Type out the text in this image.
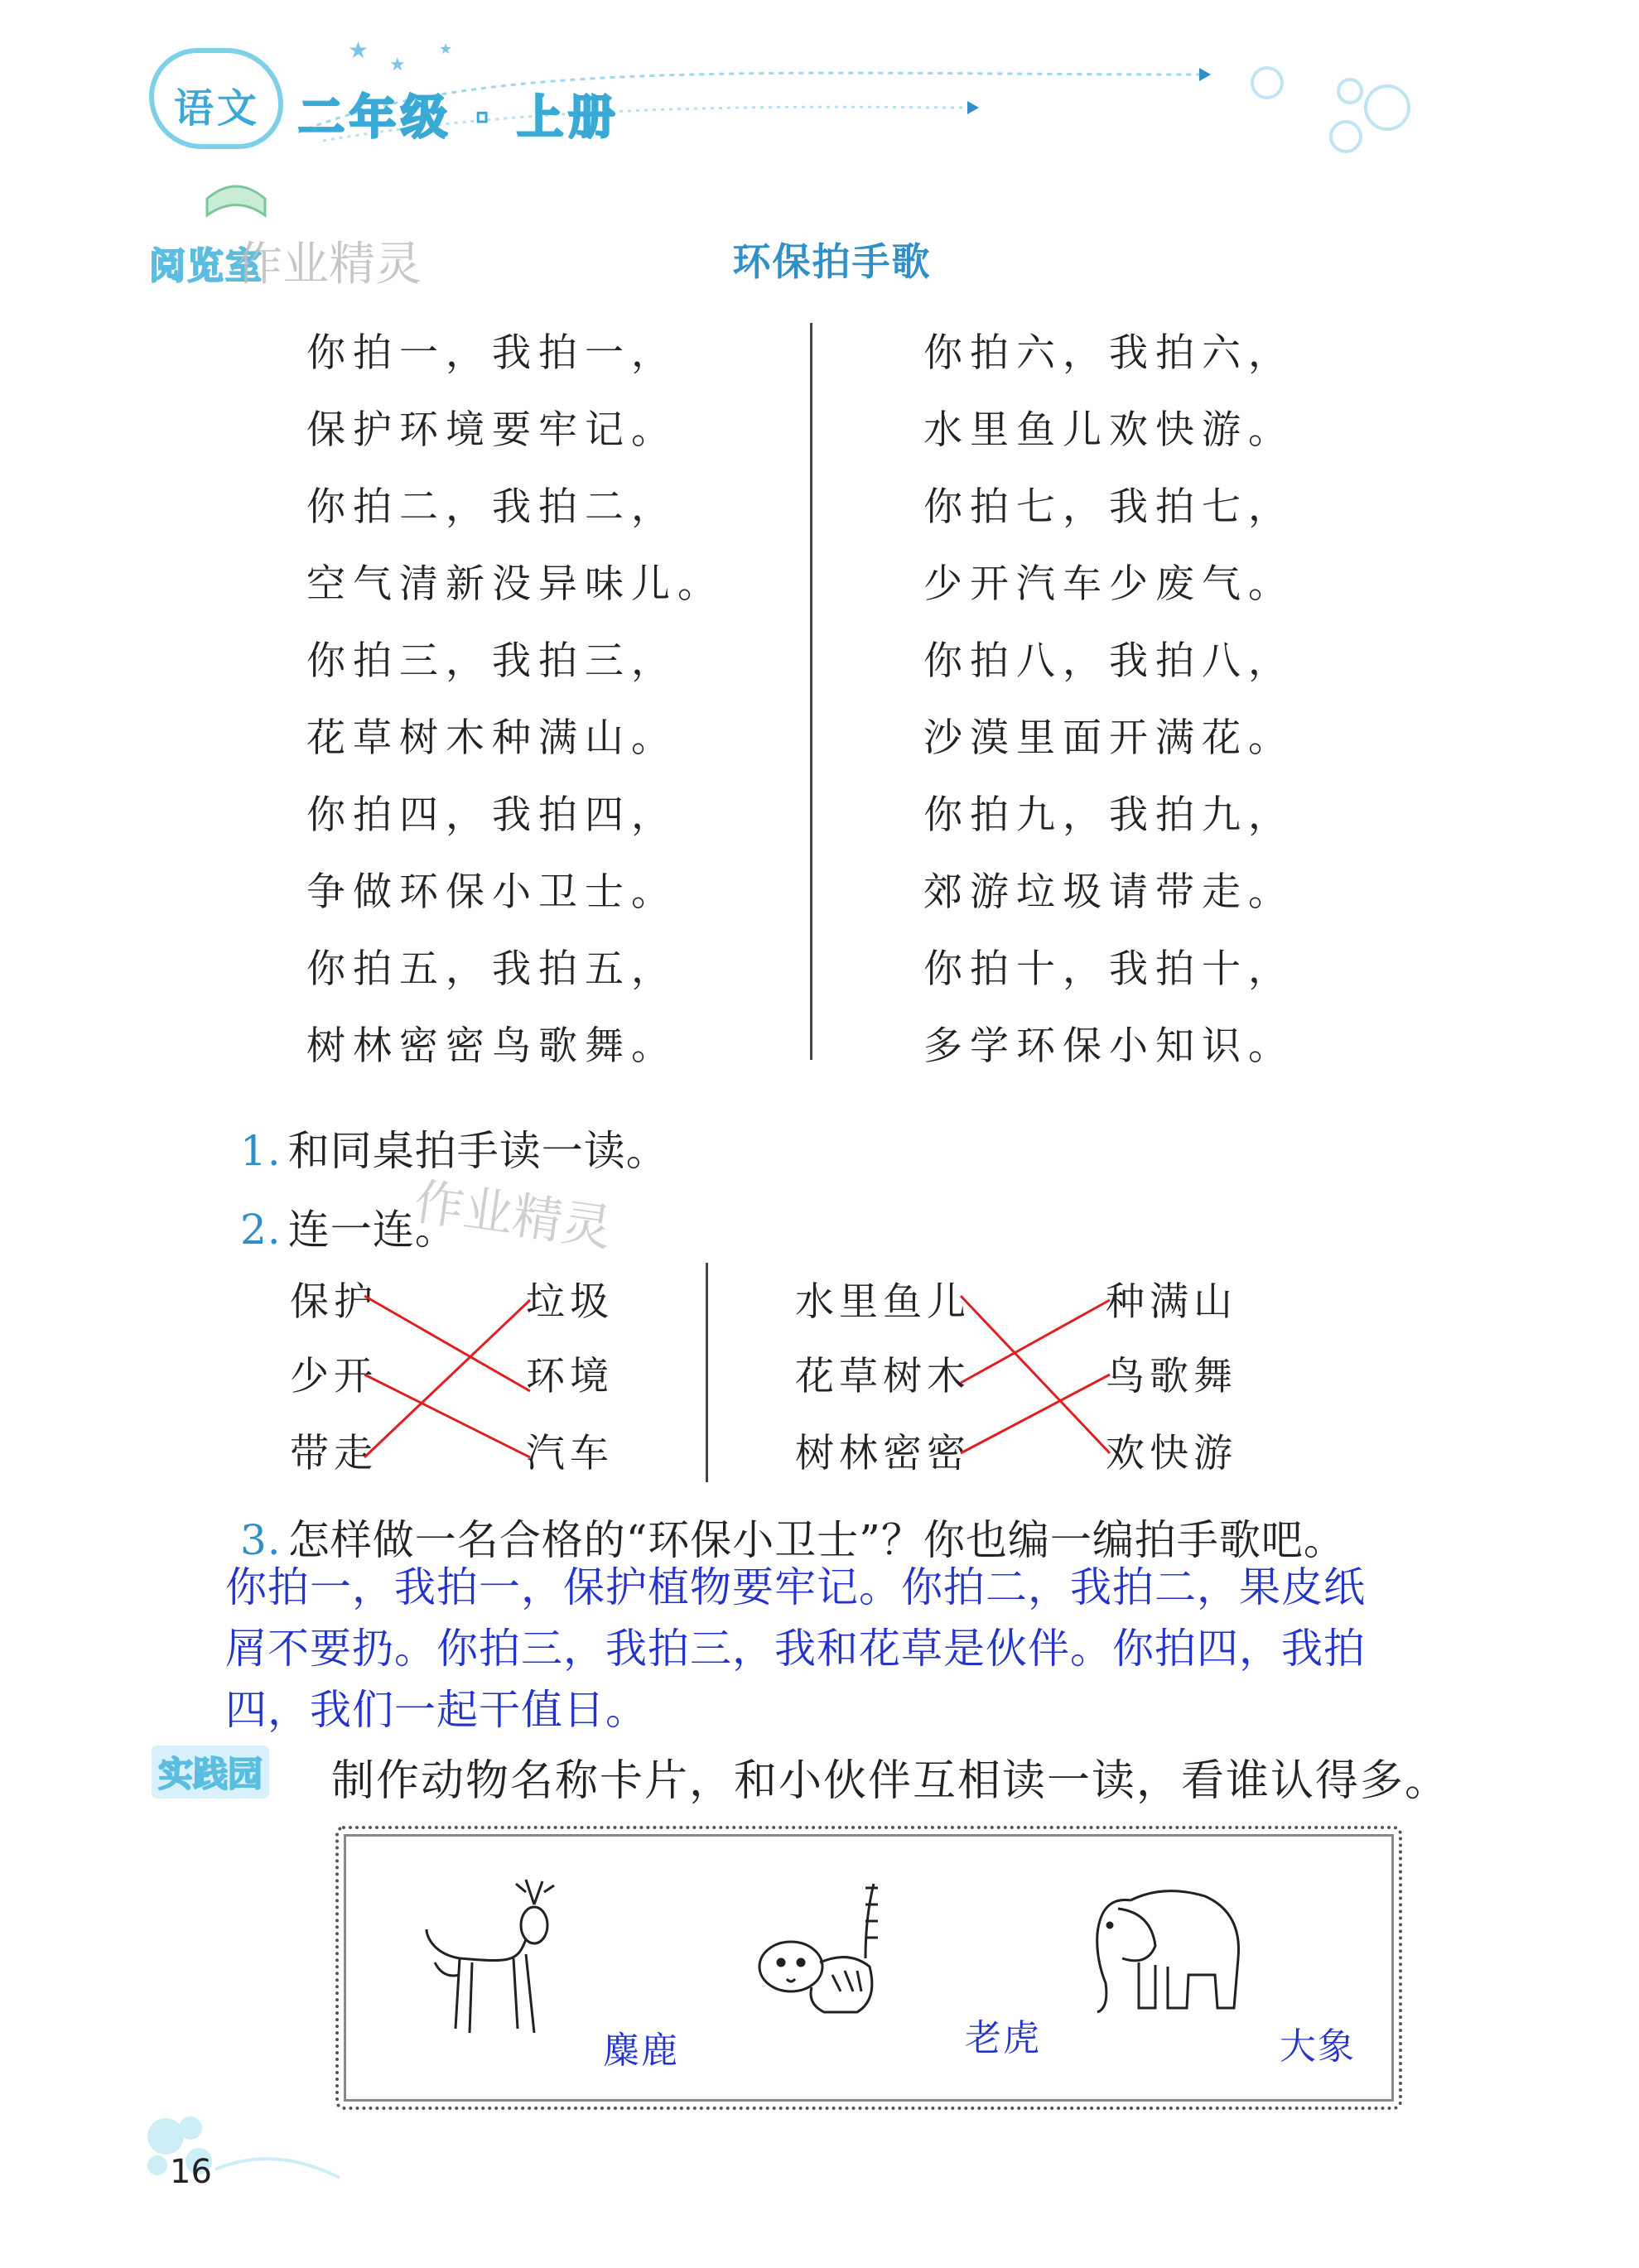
★
★
★
语文 二年级 · 上册
阅览室
作业精灵	环保拍手歌
你拍一，我拍一，
保护环境要牢记。
你拍二，我拍二，
空气清新没异味儿。
你拍三，我拍三，
花草树木种满山。
你拍四，我拍四，
争做环保小卫士。
你拍五，我拍五，
树林密密鸟歌舞。
你拍六，我拍六，
水里鱼儿欢快游。
你拍七，我拍七，
少开汽车少废气。
你拍八，我拍八，
沙漠里面开满花。
你拍九，我拍九，
郊游垃圾请带走。
你拍十，我拍十，
多学环保小知识。
1. 和同桌拍手读一读。
2. 连一连。
作业精灵
保护
少开
带走
垃圾
环境
汽车
水里鱼儿
花草树木
树林密密
种满山
鸟歌舞
欢快游
3. 怎样做一名合格的“环保小卫士”？你也编一编拍手歌吧。
你拍一，我拍一，保护植物要牢记。你拍二，我拍二，果皮纸屑不要扔。你拍三，我拍三，我和花草是伙伴。你拍四，我拍四，我们一起干值日。
实践园 制作动物名称卡片，和小伙伴互相读一读，看谁认得多。
麋鹿	老虎	大象
16
